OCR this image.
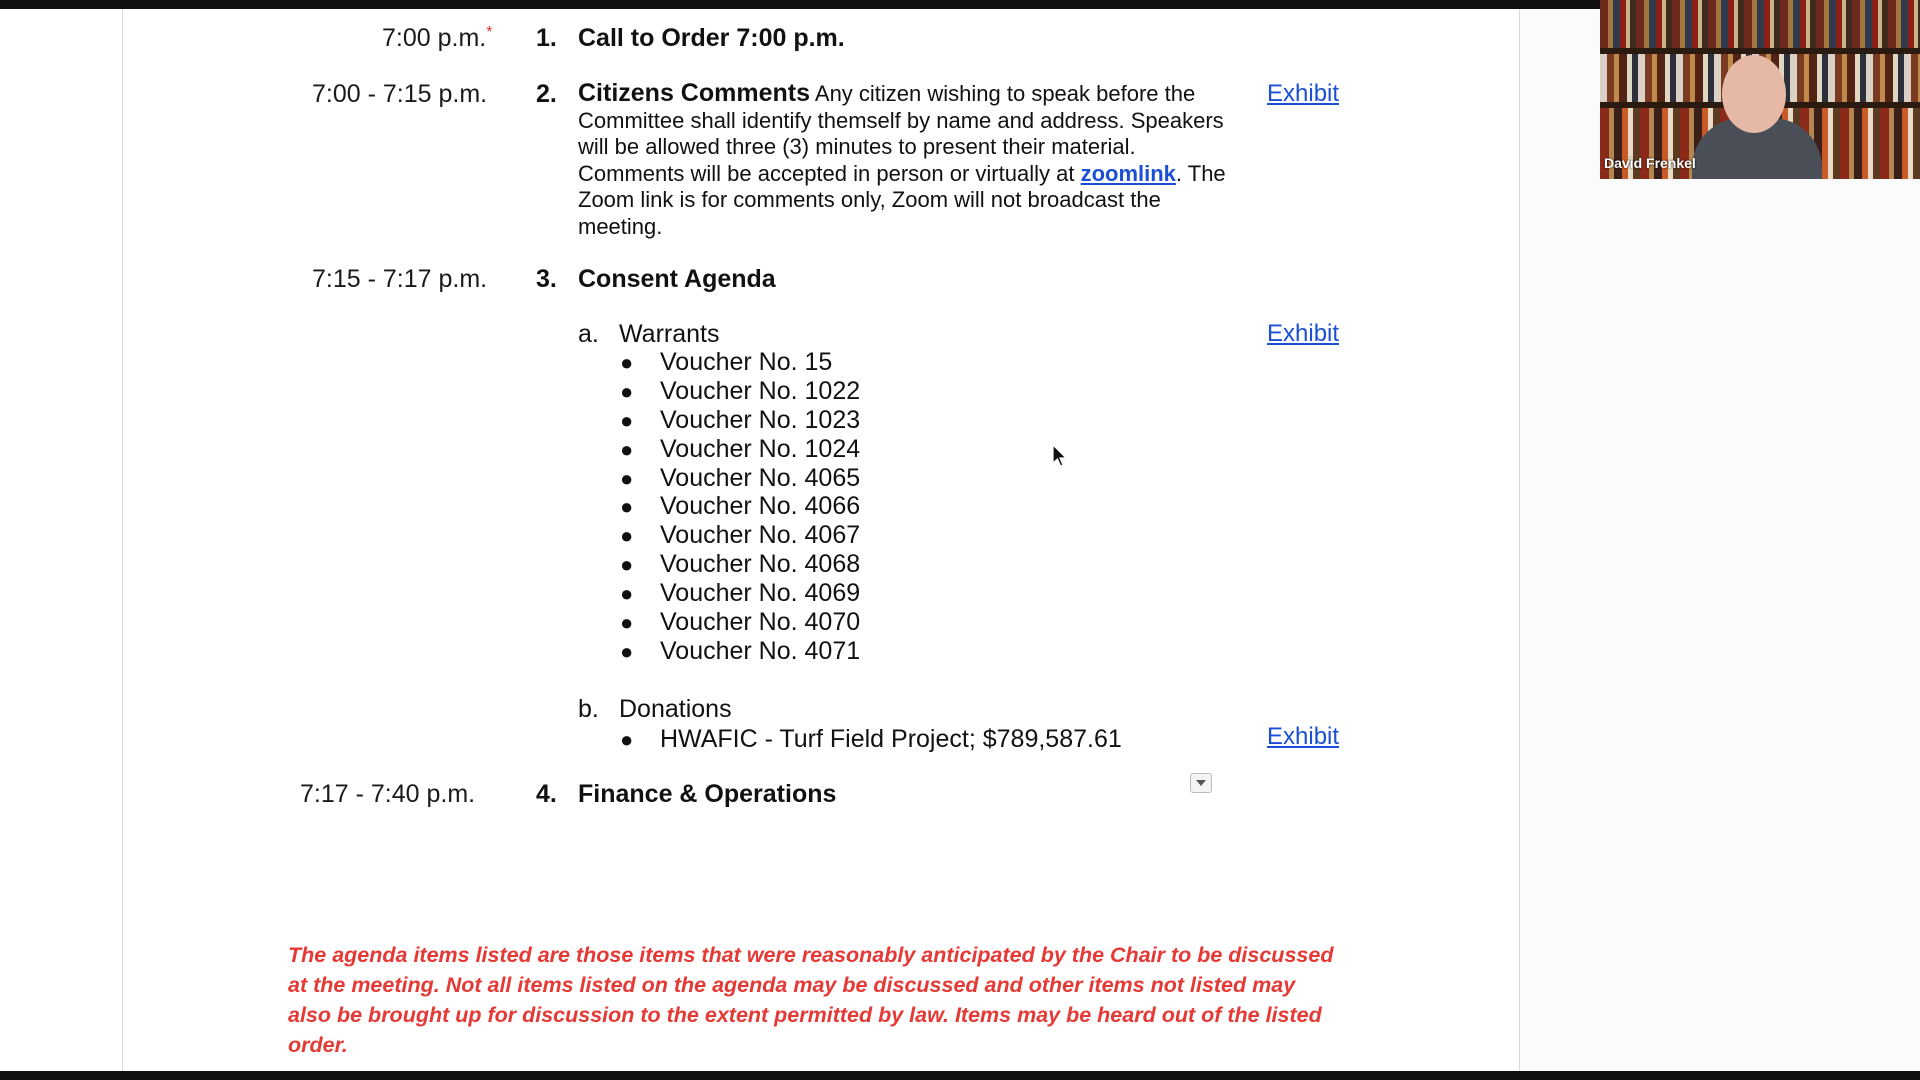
7:00 p.m.* 1. Call to Order 7:00 p.m.
7:00 - 7:15 p.m. 2. Citizens Comments Any citizen wishing to speak before the Committee shall identify themself by name and address. Speakers will be allowed three (3) minutes to present their material. Comments will be accepted in person or virtually at zoomlink. The Zoom link is for comments only, Zoom will not broadcast the meeting.
Exhibit
7:15 - 7:17 p.m. 3. Consent Agenda
a. Warrants	Exhibit
● Voucher No. 15
● Voucher No. 1022
● Voucher No. 1023
● Voucher No. 1024
● Voucher No. 4065
● Voucher No. 4066
● Voucher No. 4067
● Voucher No. 4068
● Voucher No. 4069
● Voucher No. 4070
● Voucher No. 4071
b. Donations
● HWAFIC - Turf Field Project; $789,587.61	Exhibit
7:17 - 7:40 p.m. 4. Finance & Operations
The agenda items listed are those items that were reasonably anticipated by the Chair to be discussed at the meeting. Not all items listed on the agenda may be discussed and other items not listed may also be brought up for discussion to the extent permitted by law. Items may be heard out of the listed order.
David Frenkel
